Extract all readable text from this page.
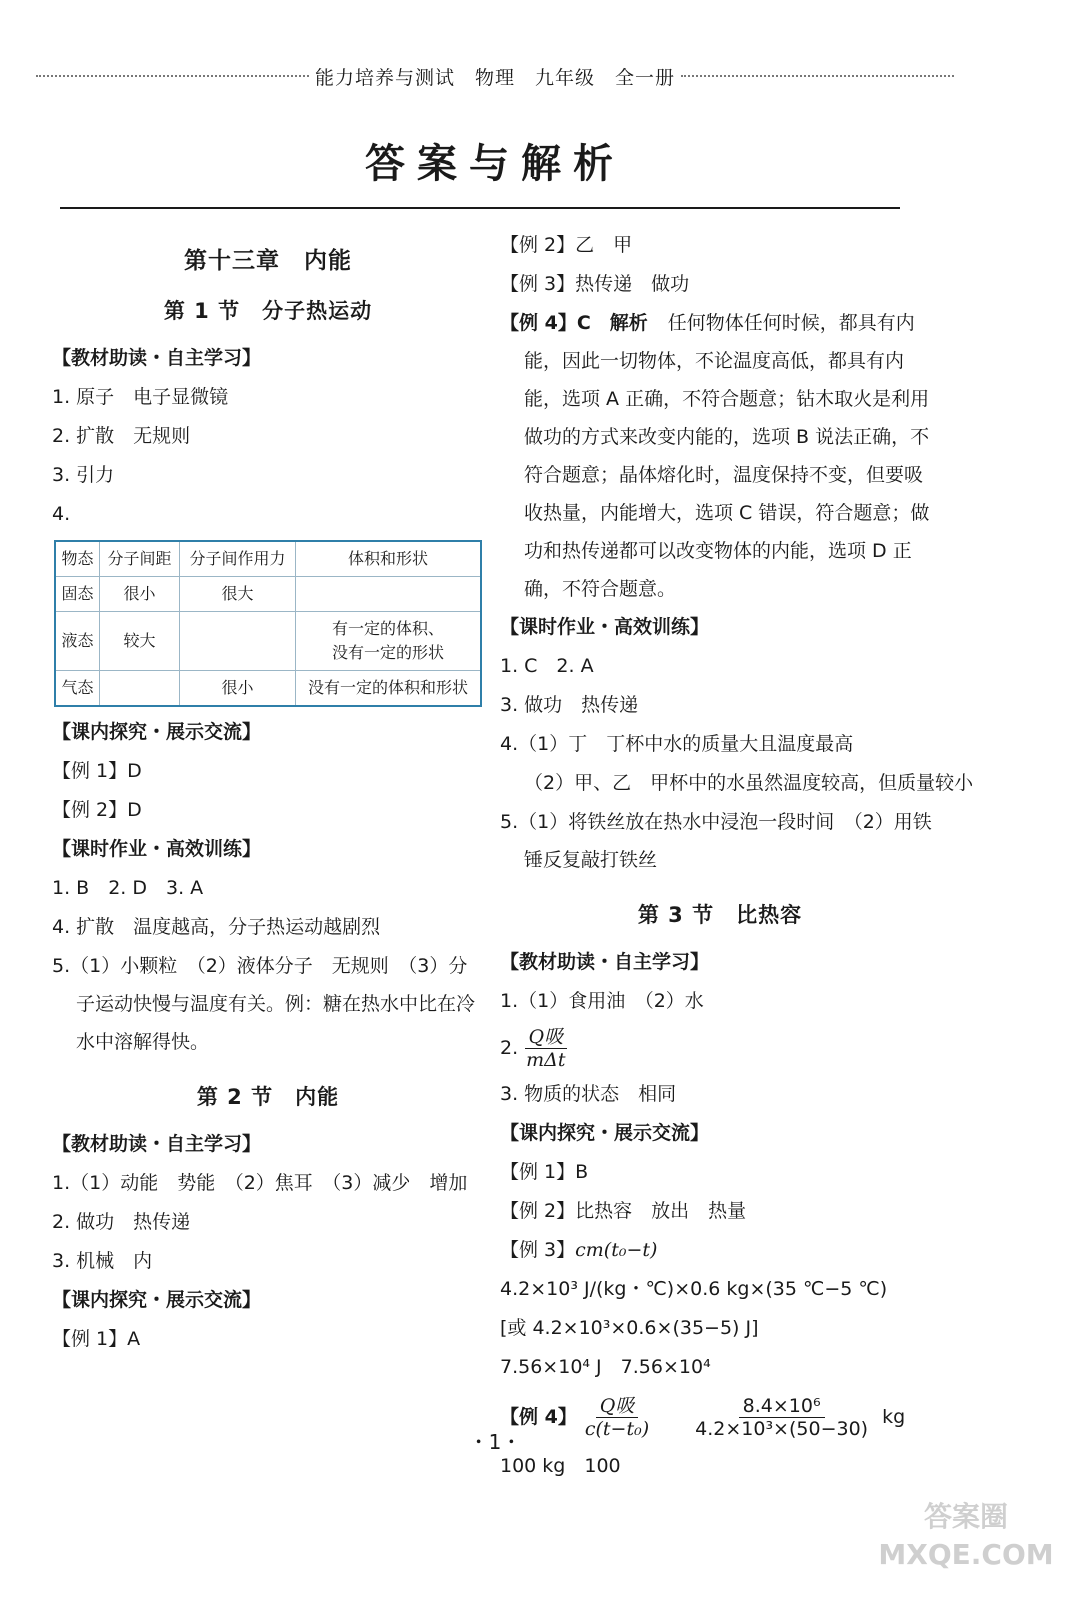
能力培养与测试　物理　九年级　全一册
答案与解析
第十三章　内能
第 1 节　分子热运动
【教材助读・自主学习】
1. 原子　电子显微镜
2. 扩散　无规则
3. 引力
4.
物态	分子间距	分子间作用力	体积和形状
固态	很小	很大	
液态	较大		有一定的体积、
没有一定的形状

气态		很小	没有一定的体积和形状
【课内探究・展示交流】
【例 1】D
【例 2】D
【课时作业・高效训练】
1. B　2. D　3. A
4. 扩散　温度越高，分子热运动越剧烈
5.（1）小颗粒　（2）液体分子　无规则　（3）分子运动快慢与温度有关。例：糖在热水中比在冷水中溶解得快。
第 2 节　内能
【教材助读・自主学习】
1.（1）动能　势能　（2）焦耳　（3）减少　增加
2. 做功　热传递
3. 机械　内
【课内探究・展示交流】
【例 1】A
【例 2】乙　甲
【例 3】热传递　做功
【例 4】C　解析 任何物体任何时候，都具有内能，因此一切物体，不论温度高低，都具有内能，选项 A 正确，不符合题意；钻木取火是利用做功的方式来改变内能的，选项 B 说法正确，不符合题意；晶体熔化时，温度保持不变，但要吸收热量，内能增大，选项 C 错误，符合题意；做功和热传递都可以改变物体的内能，选项 D 正确，不符合题意。
【课时作业・高效训练】
1. C　2. A
3. 做功　热传递
4.（1）丁　丁杯中水的质量大且温度最高
（2）甲、乙　甲杯中的水虽然温度较高，但质量较小
5.（1）将铁丝放在热水中浸泡一段时间　（2）用铁锤反复敲打铁丝
第 3 节　比热容
【教材助读・自主学习】
1.（1）食用油　（2）水
2. $\frac{\text{Q吸}}{\text{mΔt}}$
3. 物质的状态　相同
【课内探究・展示交流】
【例 1】B
【例 2】比热容　放出　热量
【例 3】cm(t₀−t)
4.2×10³ J/(kg・℃)×0.6 kg×(35 ℃−5 ℃)
[或 4.2×10³×0.6×(35−5) J]
7.56×10⁴ J　7.56×10⁴
【例 4】 $\frac{\text{Q吸}}{\text{c(t−t₀)}} \frac{\text{8.4×10⁶}}{\text{4.2×10³×(50−30)}}$ kg
100 kg　100
・1・
答案圈 MXQE.COM
